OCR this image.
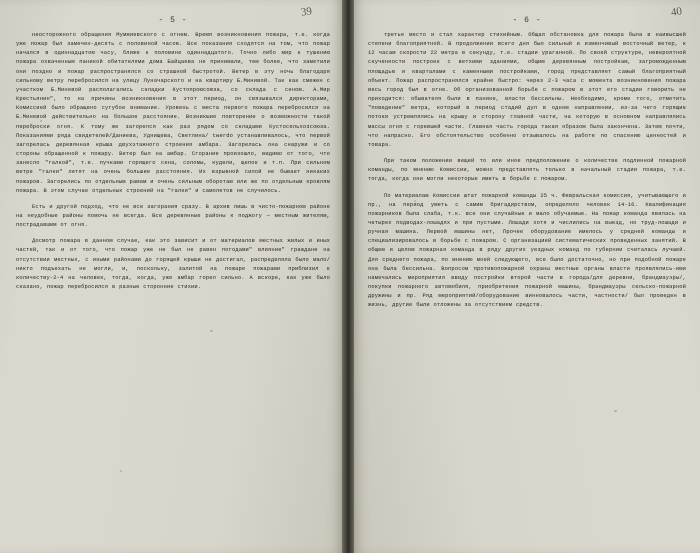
39
- 5 -

неосторожного обращения Мумжиевского с огнем. Время возникновения пожара, т.е. когда уже пожар был замечен-десять с половиной часов. Все показания сходятся на том, что пожар начался в одиннадцатом часу, ближе к половине одиннадцатого. Точно либо мир к тушению пожара охваченным паникой обитателями дома Байцаева не принимали, тем более, что заметили они поздно и пожар распространялся со страшной быстротой. Ветер в эту ночь благодаря сильному ветру перебросился на улицу Луначарского и на квартиру Б.Минивой. Так как смежен с участком Б.Миневой располагались складки Кустопромсоюза, со склада с сеном. А.Мир Крестьянин", то на причины возникновения в этот период, он связывался директорами, Комиссией было обращено сугубое внимание. Уровень с места первого пожара перебросился на Б.Миневой действительно на большое расстояние. Возникшие повторение о возможности такой переброски огня. К тому же загорелся как раз рядом со складами Кустосельхозсоюза. Показаниями ряда свидетелей/Даниева, Уднищева, Светлина/ twerdo устанавливалось, что первой загорелась деревянная крыша двухэтажного строения амбара. Загорелась она снаружи и со стороны обращенной к пожару. Ветер был на амбар. Сгорание произошло, видимо от того, что занесло "галкой", т.е. пучками горящего сена, соломы, кудели, щепок и т.п. При сильном ветре "галки" летят на очень большие расстояния. Их взрывной силой не бывает никаких пожаров. Загорелись по отдельным рамам и очень сильным оборотам или же по отдельным кровлям пожара. В этом случае отдельных строений на "галки" и самолетов не случилось.

Есть и другой подход, что не все загорания сразу. В архив лишь в чисто-пожарном районе на неудобные районы помочь не всегда. Все деревянные районы к поджогу — местным жителям, пострадавшим от огня.

Досмотр пожара в данном случае, как это зависит и от материалов местных жилых и иных частей, так и от того, что пожар уже не был не равен погодами" влияние" граждане на отсутствии местных, с иными районами до горящей крыши не достигал, распределяла было мало/ никто подъехать не могли, и, поскольку, залитой на пожаре пожарами приблизил к количеству-2-4 на человек, тогда, когда, уже амбар горел сильно. А вскоре, как уже было сказано, пожар перебросился в разные сторонние стихии.

40
- 6 -

третье место и стал характер стихийным. Общая обстановка для пожара была в наивысшей степени благоприятной. В продолжении всего дня был сильный и изменчивый восточный ветер, к 12 часам скорости 22 метра в секунду, т.е. стадии ураганной. По своей структуре, невероятной скученности построек с ветхими зданиями, общим деревянным постройкам, загроможденным площадью и кварталами с каменными постройками, город представляет самый благоприятный объект. Пожар распространялся крайне быстро: через 2-3 часа с момента возникновения пожара весь город был в огне. Об организованной борьбе с пожаром в этот его стадии говорить не приходится: обывателя были в панике, власти бессильны. Необходимо, кроме того, отметить "поведение" ветра, который в период стадий дул в одном направлении, из-за чего горящие потоки устремлялись на крышу и сторону главной части, на которую в основном направлялись массы огня с горевшей части. Главная часть города такая образом была закончена. Затем почти, что напрасно. Его обстоятельство особенно отзывалось на работе по спасению ценностей и товара.

При таком положении вещей то или иное предположение о количестве подлинной пожарной команды, по мнению Комиссии, можно представлять только в начальный стадии пожара, т.е. тогда, когда они могли некоторые иметь в борьбе с пожаром.

По материалам Комиссии штат пожарной команды 25 ч. Февральская комиссия, учитывающего и пр., на период уметь с самим бригадирством, определяло человек 14-16. Квалификация пожарников была слаба, т.к. все они случайные и мало обучаемые. На пожар команда явилась на четырех подводах-лошадях и при пустыми. Лошади хотя и числились на выезд, но труд-лошади и ручная машина. Первой машины нет, Прочее оборудование имелось у средней команды и специализировалось в борьбе с пожаром. С организацией систематических проведенных занятий. В общем и целом пожарная команда в ряду других уездных команд по губернии считалась лучшей. Для среднего пожара, по мнению моей следующего, все было достаточно, но при подобной пожаре она была бессильна. Вопросом противопожарной охраны местные органы власти проявлялись-ими намечались мероприятия ввиду постройки второй части в города/для деревни, брандмауэры/, покупки пожарного автомобиля, приобретения пожарной машины, брандмауэры сельско-пожарной дружины и пр. Ряд мероприятий/оборудование винновалось части, частности/ был проведен в жизнь, другие были отложены за отсутствием средств.
